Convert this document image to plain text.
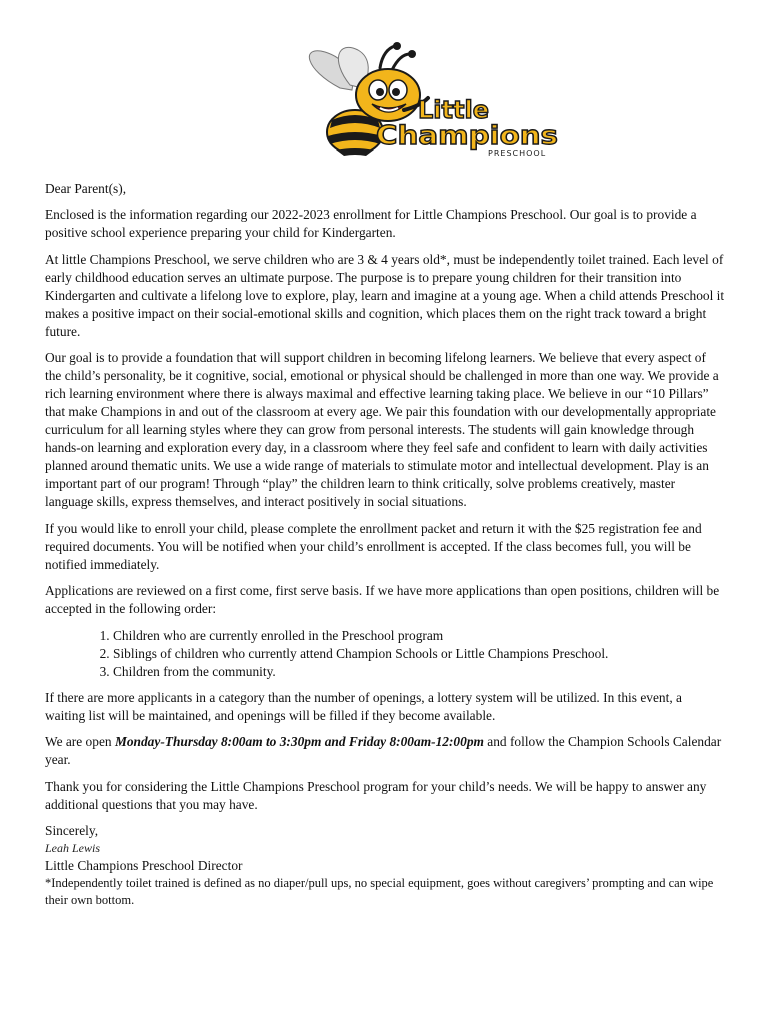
Little
Champions
PRESCHOOL

Dear Parent(s),

Enclosed is the information regarding our 2022-2023 enrollment for Little Champions Preschool. Our goal is to provide a positive school experience preparing your child for Kindergarten.

At little Champions Preschool, we serve children who are 3 & 4 years old*, must be independently toilet trained. Each level of early childhood education serves an ultimate purpose. The purpose is to prepare young children for their transition into Kindergarten and cultivate a lifelong love to explore, play, learn and imagine at a young age. When a child attends Preschool it makes a positive impact on their social-emotional skills and cognition, which places them on the right track toward a bright future.

Our goal is to provide a foundation that will support children in becoming lifelong learners. We believe that every aspect of the child’s personality, be it cognitive, social, emotional or physical should be challenged in more than one way. We provide a rich learning environment where there is always maximal and effective learning taking place. We believe in our “10 Pillars” that make Champions in and out of the classroom at every age. We pair this foundation with our developmentally appropriate curriculum for all learning styles where they can grow from personal interests. The students will gain knowledge through hands-on learning and exploration every day, in a classroom where they feel safe and confident to learn with daily activities planned around thematic units. We use a wide range of materials to stimulate motor and intellectual development. Play is an important part of our program! Through “play” the children learn to think critically, solve problems creatively, master language skills, express themselves, and interact positively in social situations.

If you would like to enroll your child, please complete the enrollment packet and return it with the $25 registration fee and required documents. You will be notified when your child’s enrollment is accepted. If the class becomes full, you will be notified immediately.

Applications are reviewed on a first come, first serve basis. If we have more applications than open positions, children will be accepted in the following order:

1. Children who are currently enrolled in the Preschool program
2. Siblings of children who currently attend Champion Schools or Little Champions Preschool.
3. Children from the community.

If there are more applicants in a category than the number of openings, a lottery system will be utilized. In this event, a waiting list will be maintained, and openings will be filled if they become available.

We are open Monday-Thursday 8:00am to 3:30pm and Friday 8:00am-12:00pm and follow the Champion Schools Calendar year.

Thank you for considering the Little Champions Preschool program for your child’s needs. We will be happy to answer any additional questions that you may have.

Sincerely,

Leah Lewis

Little Champions Preschool Director

*Independently toilet trained is defined as no diaper/pull ups, no special equipment, goes without caregivers’ prompting and can wipe their own bottom.
